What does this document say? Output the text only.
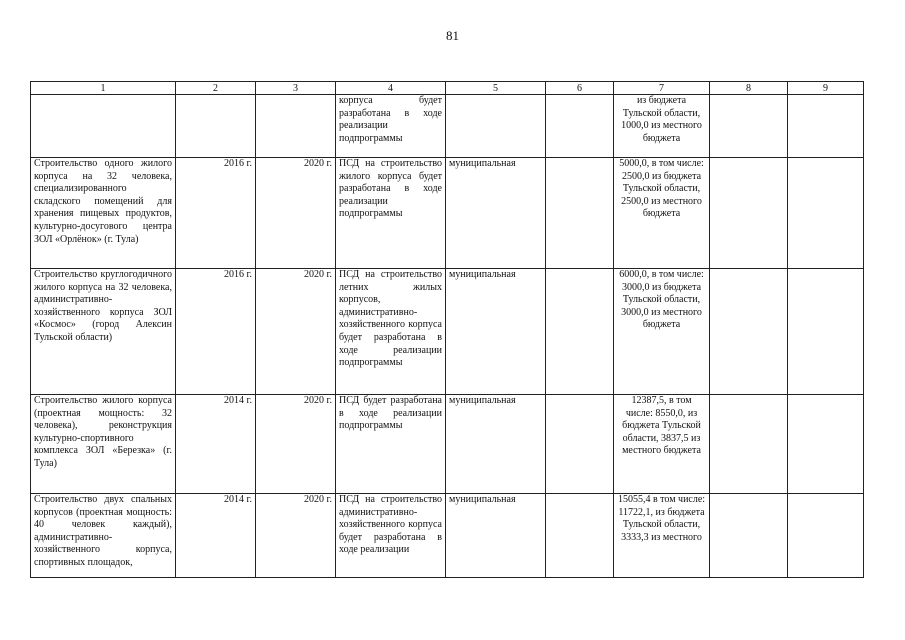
81
1	2	3	4	5	6	7	8	9
			корпуса будет разработана в ходе реализации подпрограммы			из бюджета Тульской области, 1000,0 из местного бюджета		
Строительство одного жилого корпуса на 32 человека, специализированного складского помещений для хранения пищевых продуктов, культурно-досугового центра ЗОЛ «Орлёнок» (г. Тула)	2016 г.	2020 г.	ПСД на строительство жилого корпуса будет разработана в ходе реализации подпрограммы	муниципальная		5000,0, в том числе: 2500,0 из бюджета Тульской области, 2500,0 из местного бюджета		
Строительство круглогодичного жилого корпуса на 32 человека, административно-хозяйственного корпуса ЗОЛ «Космос» (город Алексин Тульской области)	2016 г.	2020 г.	ПСД на строительство летних жилых корпусов, административно-хозяйственного корпуса будет разработана в ходе реализации подпрограммы	муниципальная		6000,0, в том числе: 3000,0 из бюджета Тульской области, 3000,0 из местного бюджета		
Строительство жилого корпуса (проектная мощность: 32 человека), реконструкция культурно-спортивного комплекса ЗОЛ «Березка» (г. Тула)	2014 г.	2020 г.	ПСД будет разработана в ходе реализации подпрограммы	муниципальная		12387,5, в том числе: 8550,0, из бюджета Тульской области, 3837,5 из местного бюджета		
Строительство двух спальных корпусов (проектная мощность: 40 человек каждый), административно-хозяйственного корпуса, спортивных площадок,	2014 г.	2020 г.	ПСД на строительство административно-хозяйственного корпуса будет разработана в ходе реализации	муниципальная		15055,4 в том числе: 11722,1, из бюджета Тульской области, 3333,3 из местного		
